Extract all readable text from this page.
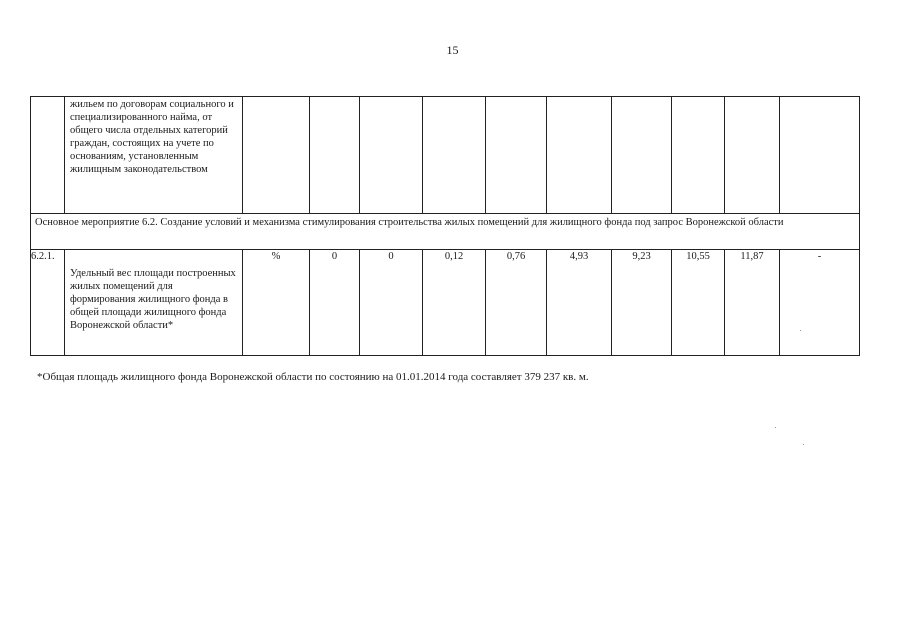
15

	жильем по договорам социального и специализированного найма, от общего числа отдельных категорий граждан, состоящих на учете по основаниям, установленным жилищным законодательством										

Основное мероприятие 6.2. Создание условий и механизма стимулирования строительства жилых помещений для жилищного фонда под запрос Воронежской области											

6.2.1.	Удельный вес площади построенных жилых помещений для формирования жилищного фонда в общей площади жилищного фонда Воронежской области*	%	0	0	0,12	0,76	4,93	9,23	10,55	11,87	-
*Общая площадь жилищного фонда Воронежской области по состоянию на 01.01.2014 года составляет 379 237 кв. м.
